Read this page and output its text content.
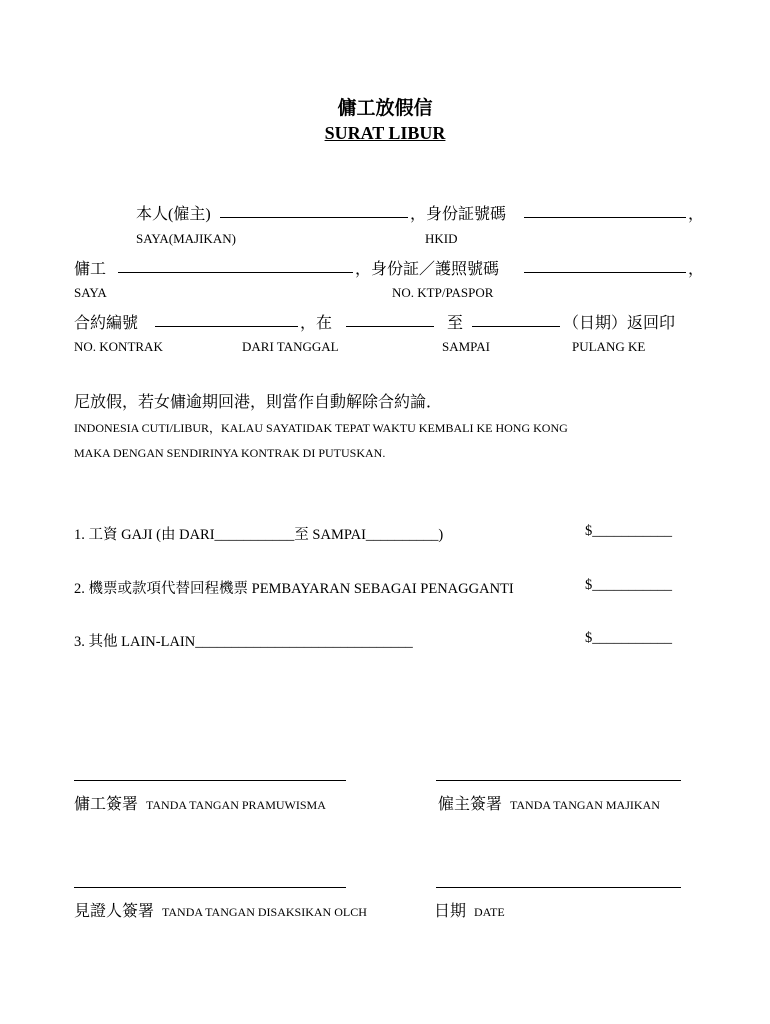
傭工放假信
SURAT LIBUR
本人(僱主)	，身份証號碼	，
SAYA(MAJIKAN)	HKID
傭工	，身份証／護照號碼	，
SAYA	NO. KTP/PASPOR
合約編號	，在	至	（日期）返回印
NO. KONTRAK	DARI TANGGAL	SAMPAI	PULANG KE
尼放假，若女傭逾期回港，則當作自動解除合約論．
INDONESIA CUTI/LIBUR，KALAU SAYATIDAK TEPAT WAKTU KEMBALI KE HONG KONG
MAKA DENGAN SENDIRINYA KONTRAK DI PUTUSKAN.
1. 工資 GAJI (由 DARI___________至 SAMPAI__________)	$___________
2. 機票或款項代替回程機票 PEMBAYARAN SEBAGAI PENAGGANTI	$___________
3. 其他 LAIN-LAIN______________________________	$___________
傭工簽署 TANDA TANGAN PRAMUWISMA	僱主簽署 TANDA TANGAN MAJIKAN
見證人簽署 TANDA TANGAN DISAKSIKAN OLCH	日期 DATE
